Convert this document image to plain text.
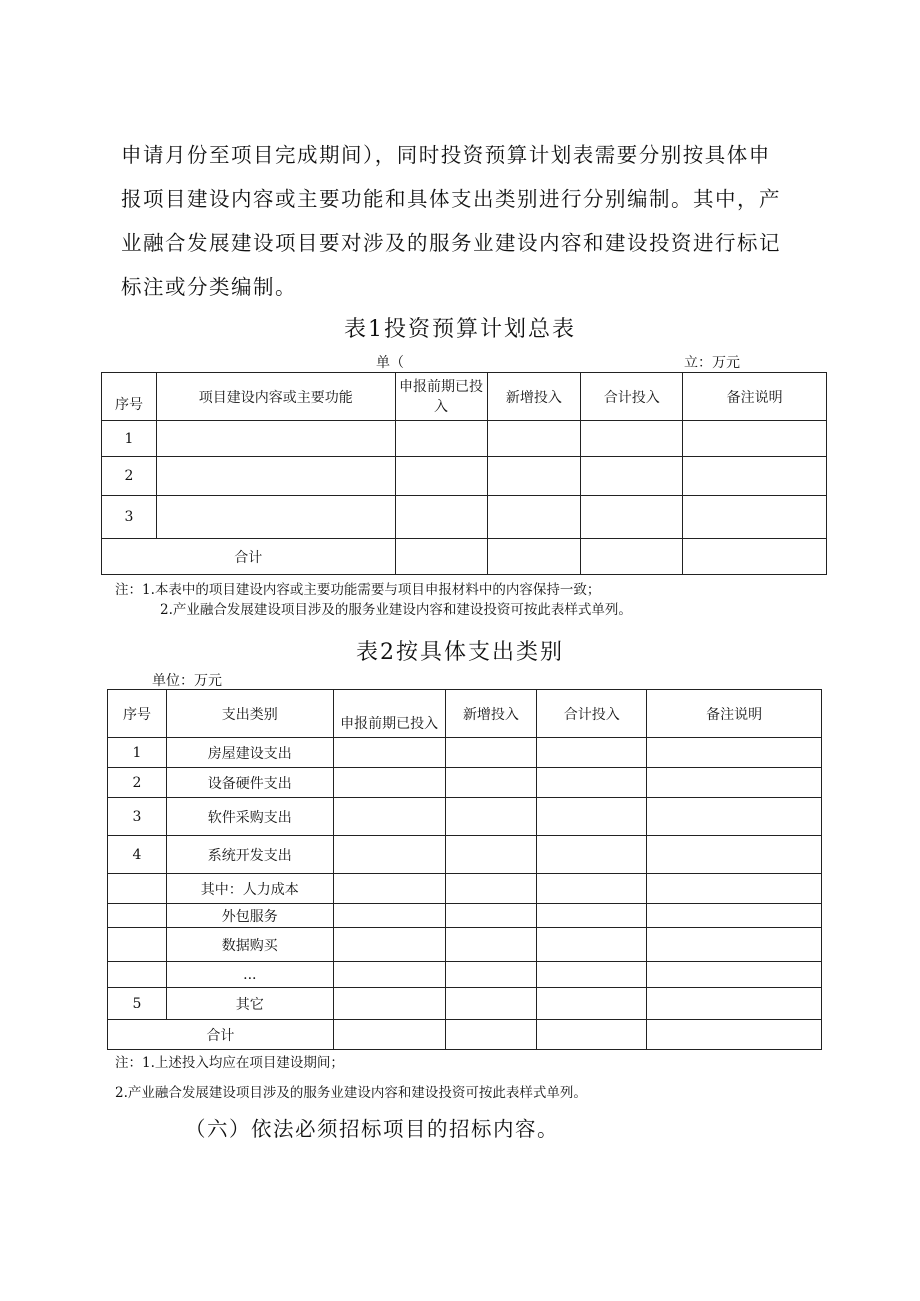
申请月份至项目完成期间），同时投资预算计划表需要分别按具体申
报项目建设内容或主要功能和具体支出类别进行分别编制。其中，产
业融合发展建设项目要对涉及的服务业建设内容和建设投资进行标记
标注或分类编制。
表1投资预算计划总表
单（	立：万元
序号	项目建设内容或主要功能	申报前期已投入	新增投入	合计投入	备注说明
1					
2					
3					
合计					
注：1.本表中的项目建设内容或主要功能需要与项目申报材料中的内容保持一致；
2.产业融合发展建设项目涉及的服务业建设内容和建设投资可按此表样式单列。
表2按具体支出类别
单位：万元
序号	支出类别	申报前期已投入	新增投入	合计投入	备注说明
1	房屋建设支出				
2	设备硬件支出				
3	软件采购支出				
4	系统开发支出				
	其中：人力成本				
	外包服务				
	数据购买				
	...				
5	其它				
合计					
注：1.上述投入均应在项目建设期间；
2.产业融合发展建设项目涉及的服务业建设内容和建设投资可按此表样式单列。
（六）依法必须招标项目的招标内容。
